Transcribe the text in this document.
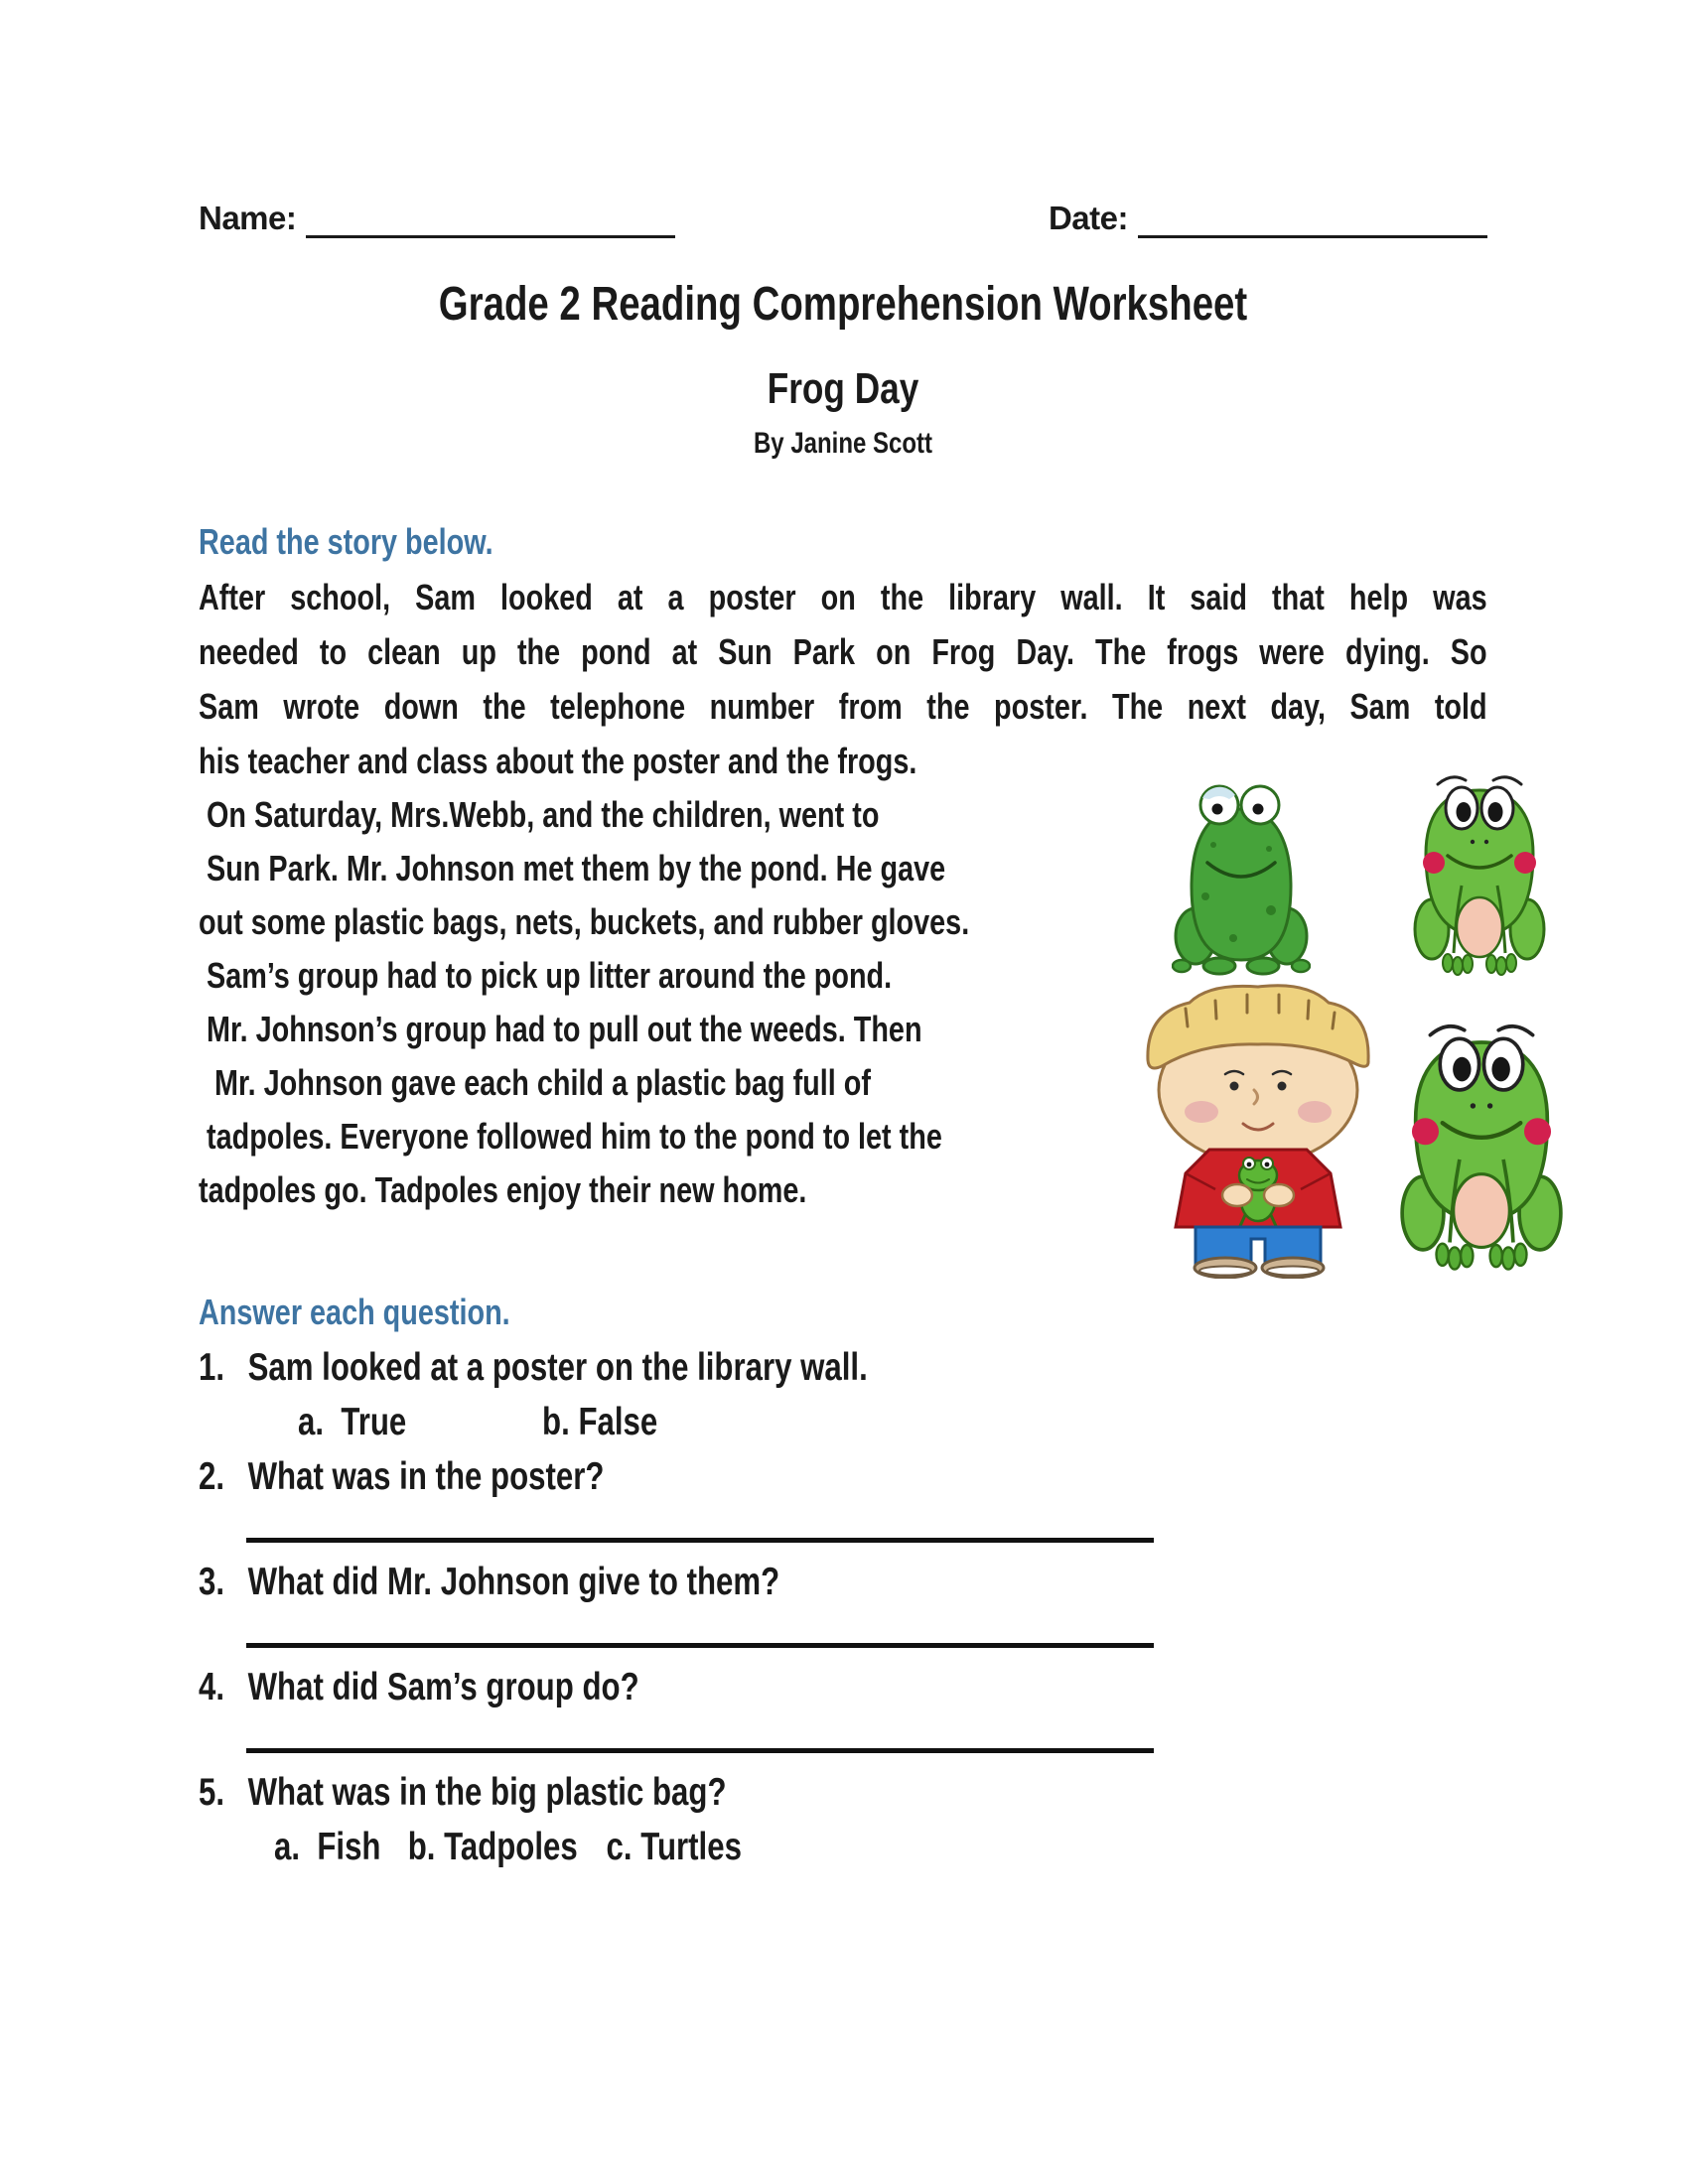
Name:	Date:
Grade 2 Reading Comprehension Worksheet
Frog Day
By Janine Scott
Read the story below.
After school, Sam looked at a poster on the library wall. It said that help was
needed to clean up the pond at Sun Park on Frog Day. The frogs were dying. So
Sam wrote down the telephone number from the poster. The next day, Sam told
his teacher and class about the poster and the frogs.
On Saturday, Mrs.Webb, and the children, went to
Sun Park. Mr. Johnson met them by the pond. He gave
out some plastic bags, nets, buckets, and rubber gloves.
Sam’s group had to pick up litter around the pond.
Mr. Johnson’s group had to pull out the weeds. Then
Mr. Johnson gave each child a plastic bag full of
tadpoles. Everyone followed him to the pond to let the
tadpoles go. Tadpoles enjoy their new home.
Answer each question.
1. Sam looked at a poster on the library wall.
a.  True	b. False
2. What was in the poster?
3. What did Mr. Johnson give to them?
4. What did Sam’s group do?
5. What was in the big plastic bag?
a.  Fish b. Tadpoles c. Turtles
